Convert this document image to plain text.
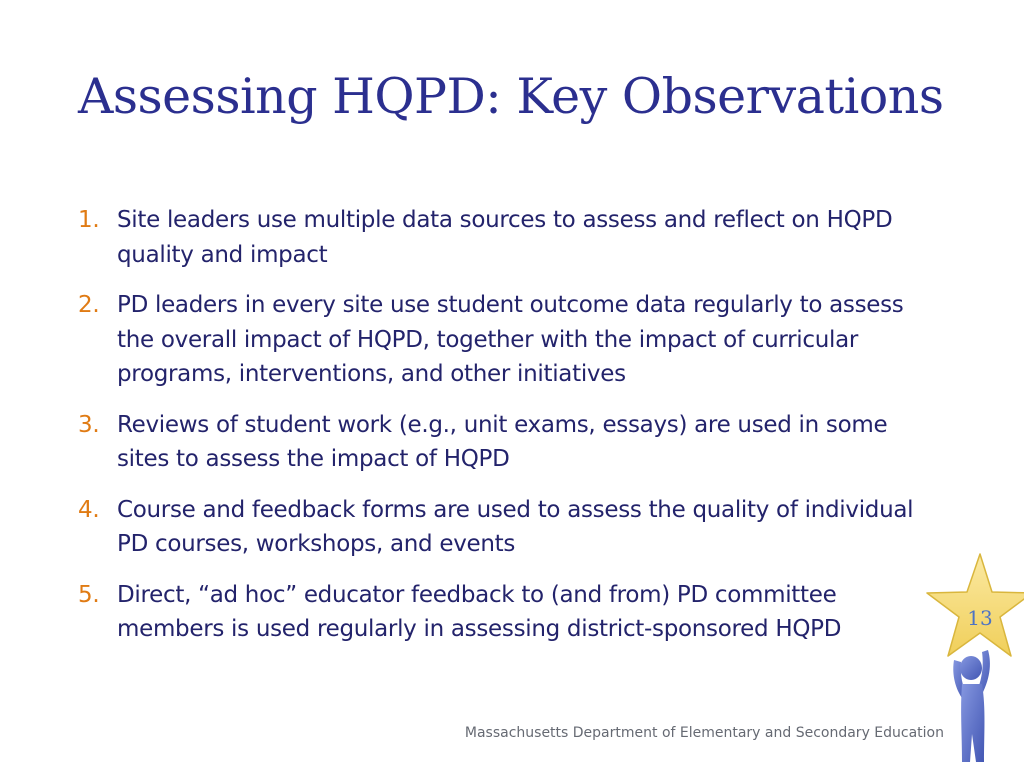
Assessing HQPD: Key Observations
1. Site leaders use multiple data sources to assess and reflect on HQPD quality and impact
2. PD leaders in every site use student outcome data regularly to assess the overall impact of HQPD, together with the impact of curricular programs, interventions, and other initiatives
3. Reviews of student work (e.g., unit exams, essays) are used in some sites to assess the impact of HQPD
4. Course and feedback forms are used to assess the quality of individual PD courses, workshops, and events
5. Direct, “ad hoc” educator feedback to (and from) PD committee members is used regularly in assessing district-sponsored HQPD	13
Massachusetts Department of Elementary and Secondary Education
